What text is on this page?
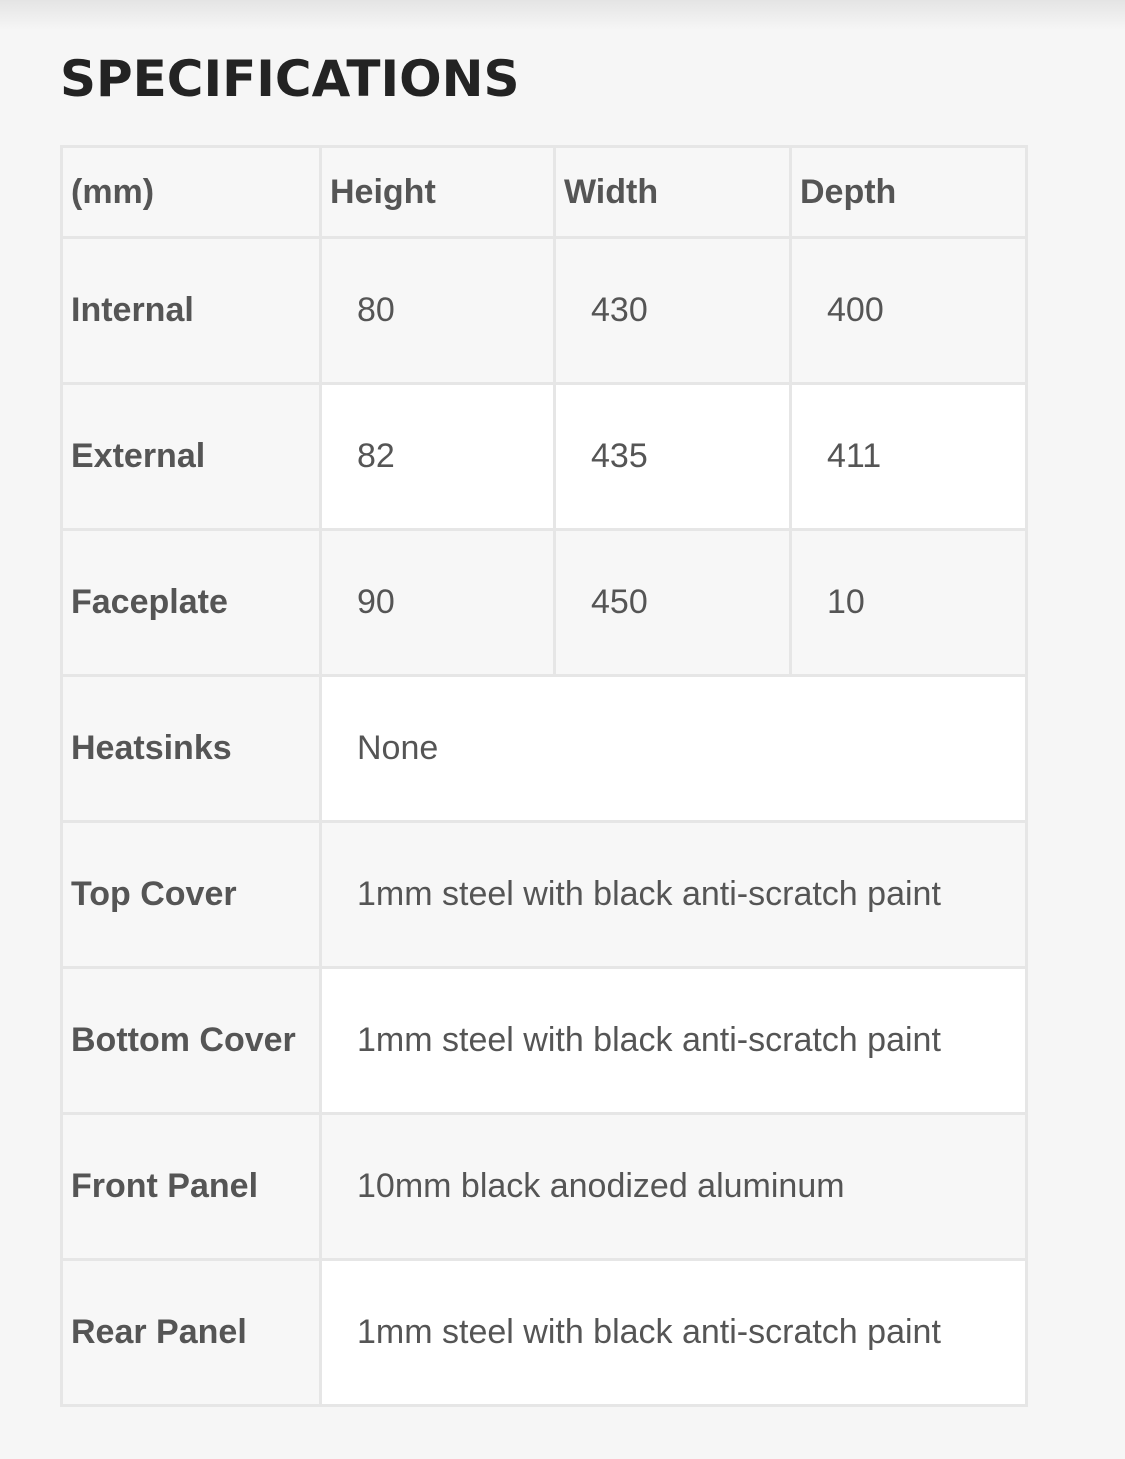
SPECIFICATIONS
(mm)	Height	Width	Depth
Internal	80	430	400
External	82	435	411
Faceplate	90	450	10
Heatsinks	None		
Top Cover	1mm steel with black anti-scratch paint		
Bottom Cover	1mm steel with black anti-scratch paint		
Front Panel	10mm black anodized aluminum		
Rear Panel	1mm steel with black anti-scratch paint		
